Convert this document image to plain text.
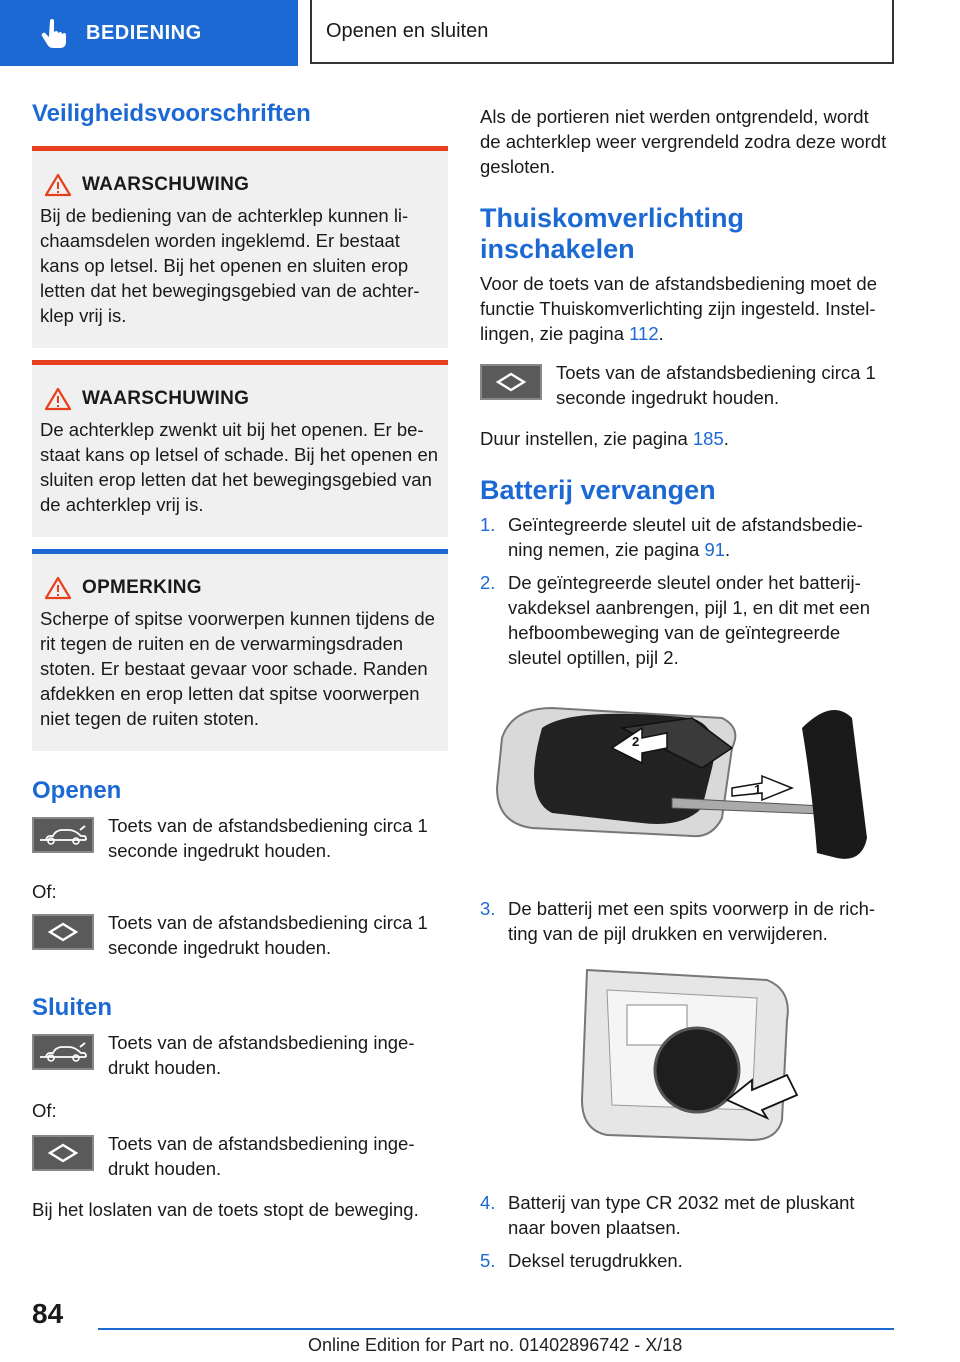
BEDIENING	Openen en sluiten
Veiligheidsvoorschriften
WAARSCHUWING

Bij de bediening van de achterklep kunnen li-chaamsdelen worden ingeklemd. Er bestaat kans op letsel. Bij het openen en sluiten erop letten dat het bewegingsgebied van de achter-klep vrij is.

WAARSCHUWING

De achterklep zwenkt uit bij het openen. Er be-staat kans op letsel of schade. Bij het openen en sluiten erop letten dat het bewegingsgebied van de achterklep vrij is.

OPMERKING

Scherpe of spitse voorwerpen kunnen tijdens de rit tegen de ruiten en de verwarmingsdraden stoten. Er bestaat gevaar voor schade. Randen afdekken en erop letten dat spitse voorwerpen niet tegen de ruiten stoten.

Openen

Toets van de afstandsbediening circa 1 seconde ingedrukt houden.

Of:

Toets van de afstandsbediening circa 1 seconde ingedrukt houden.

Sluiten

Toets van de afstandsbediening inge-drukt houden.

Of:

Toets van de afstandsbediening inge-drukt houden.

Bij het loslaten van de toets stopt de beweging.

Als de portieren niet werden ontgrendeld, wordt de achterklep weer vergrendeld zodra deze wordt gesloten.

Thuiskomverlichting inschakelen

Voor de toets van de afstandsbediening moet de functie Thuiskomverlichting zijn ingesteld. Instel-lingen, zie pagina 112.

Toets van de afstandsbediening circa 1 seconde ingedrukt houden.

Duur instellen, zie pagina 185.

Batterij vervangen
1. Geïntegreerde sleutel uit de afstandsbedie-ning nemen, zie pagina 91.
2. De geïntegreerde sleutel onder het batterij-vakdeksel aanbrengen, pijl 1, en dit met een hefboombeweging van de geïntegreerde sleutel optillen, pijl 2.
2
1
3. De batterij met een spits voorwerp in de rich-ting van de pijl drukken en verwijderen.
4. Batterij van type CR 2032 met de pluskant naar boven plaatsen.
5. Deksel terugdrukken.
84
Online Edition for Part no. 01402896742 - X/18
